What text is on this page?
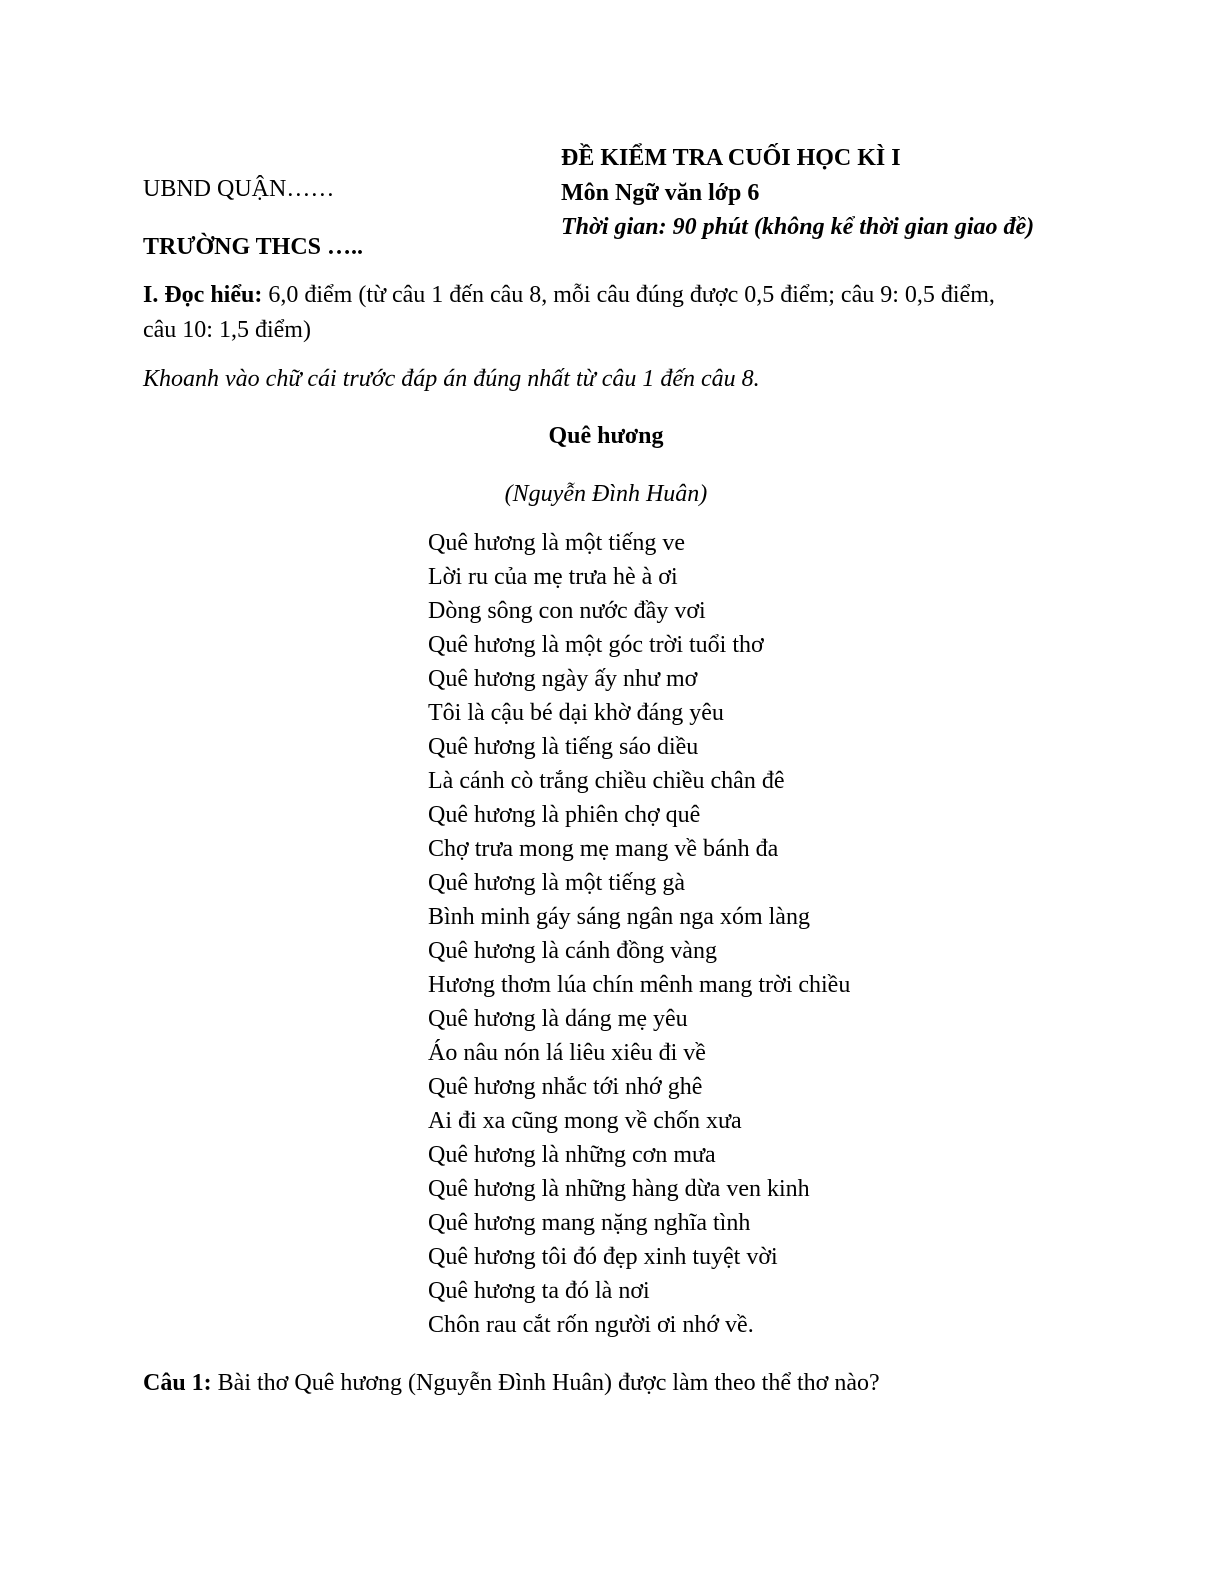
UBND QUẬN……
TRƯỜNG THCS …..
ĐỀ KIỂM TRA CUỐI HỌC KÌ I
Môn Ngữ văn lớp 6
Thời gian: 90 phút (không kể thời gian giao đề)
I. Đọc hiểu: 6,0 điểm (từ câu 1 đến câu 8, mỗi câu đúng được 0,5 điểm; câu 9: 0,5 điểm,
câu 10: 1,5 điểm)
Khoanh vào chữ cái trước đáp án đúng nhất từ câu 1 đến câu 8.
Quê hương
(Nguyễn Đình Huân)
Quê hương là một tiếng ve
Lời ru của mẹ trưa hè à ơi
Dòng sông con nước đầy vơi
Quê hương là một góc trời tuổi thơ
Quê hương ngày ấy như mơ
Tôi là cậu bé dại khờ đáng yêu
Quê hương là tiếng sáo diều
Là cánh cò trắng chiều chiều chân đê
Quê hương là phiên chợ quê
Chợ trưa mong mẹ mang về bánh đa
Quê hương là một tiếng gà
Bình minh gáy sáng ngân nga xóm làng
Quê hương là cánh đồng vàng
Hương thơm lúa chín mênh mang trời chiều
Quê hương là dáng mẹ yêu
Áo nâu nón lá liêu xiêu đi về
Quê hương nhắc tới nhớ ghê
Ai đi xa cũng mong về chốn xưa
Quê hương là những cơn mưa
Quê hương là những hàng dừa ven kinh
Quê hương mang nặng nghĩa tình
Quê hương tôi đó đẹp xinh tuyệt vời
Quê hương ta đó là nơi
Chôn rau cắt rốn người ơi nhớ về.
Câu 1: Bài thơ Quê hương (Nguyễn Đình Huân) được làm theo thể thơ nào?
